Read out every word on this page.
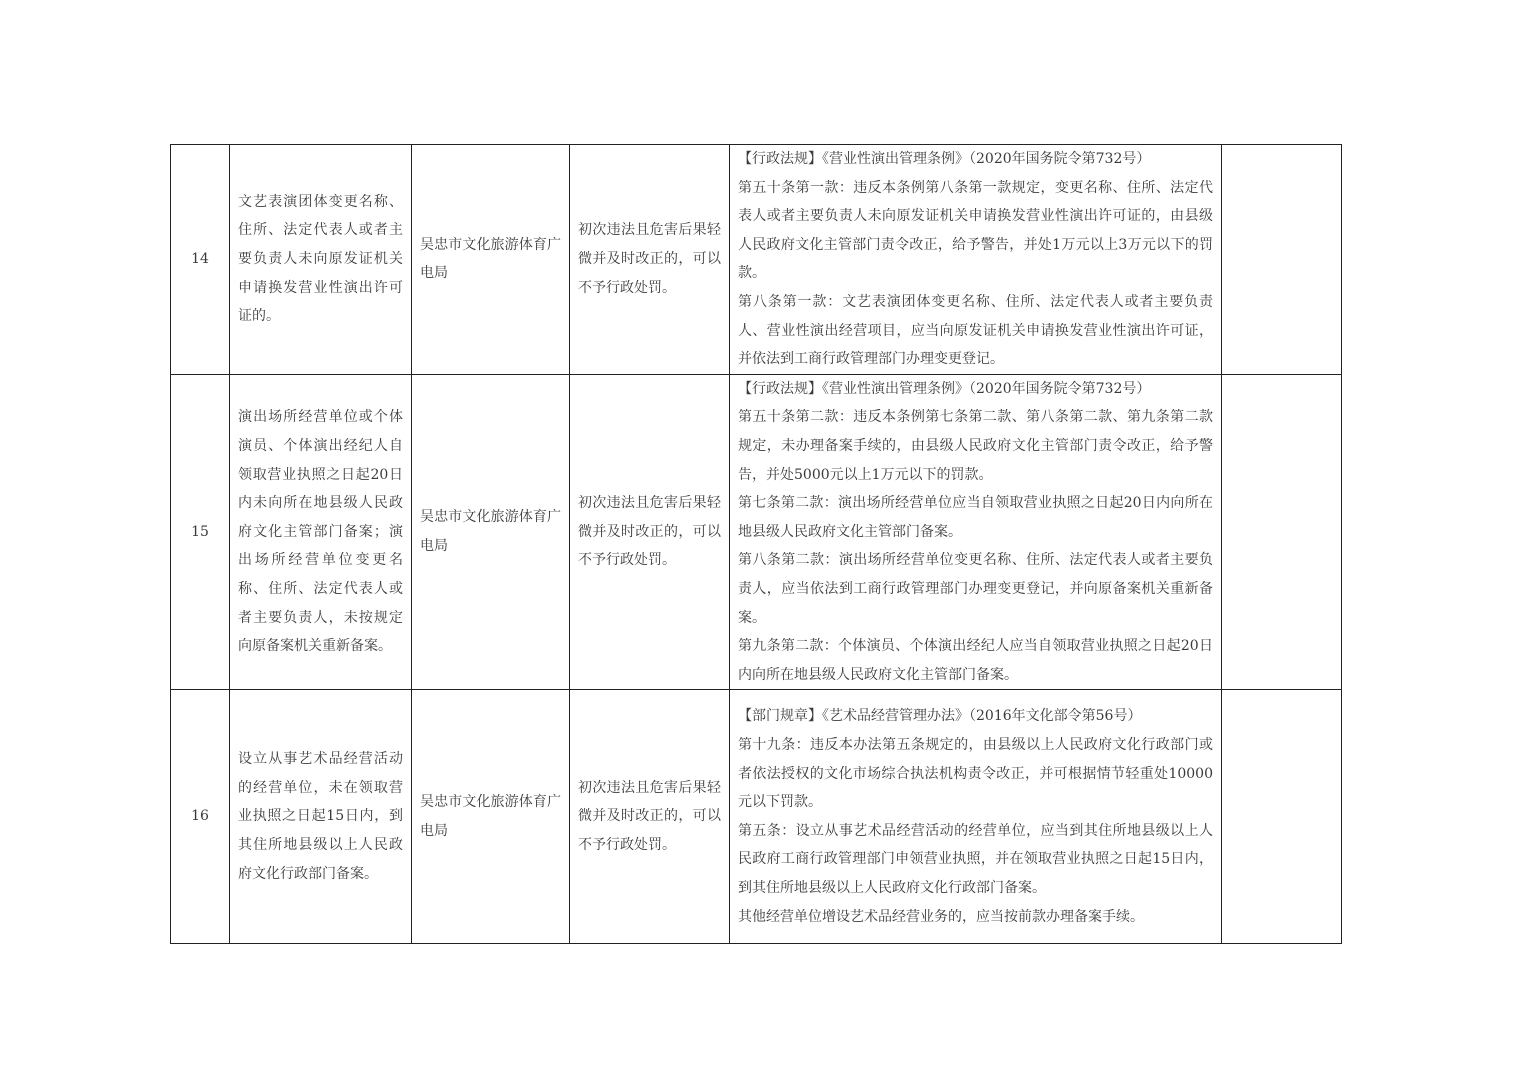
14	文艺表演团体变更名称、住所、法定代表人或者主要负责人未向原发证机关申请换发营业性演出许可证的。	吴忠市文化旅游体育广电局	初次违法且危害后果轻微并及时改正的，可以不予行政处罚。	【行政法规】《营业性演出管理条例》（2020年国务院令第732号）

第五十条第一款：违反本条例第八条第一款规定，变更名称、住所、法定代表人或者主要负责人未向原发证机关申请换发营业性演出许可证的，由县级人民政府文化主管部门责令改正，给予警告，并处1万元以上3万元以下的罚款。

第八条第一款：文艺表演团体变更名称、住所、法定代表人或者主要负责人、营业性演出经营项目，应当向原发证机关申请换发营业性演出许可证，并依法到工商行政管理部门办理变更登记。	

15	演出场所经营单位或个体演员、个体演出经纪人自领取营业执照之日起20日内未向所在地县级人民政府文化主管部门备案；演出场所经营单位变更名称、住所、法定代表人或者主要负责人，未按规定向原备案机关重新备案。	吴忠市文化旅游体育广电局	初次违法且危害后果轻微并及时改正的，可以不予行政处罚。	【行政法规】《营业性演出管理条例》（2020年国务院令第732号）

第五十条第二款：违反本条例第七条第二款、第八条第二款、第九条第二款规定，未办理备案手续的，由县级人民政府文化主管部门责令改正，给予警告，并处5000元以上1万元以下的罚款。

第七条第二款：演出场所经营单位应当自领取营业执照之日起20日内向所在地县级人民政府文化主管部门备案。

第八条第二款：演出场所经营单位变更名称、住所、法定代表人或者主要负责人，应当依法到工商行政管理部门办理变更登记，并向原备案机关重新备案。

第九条第二款：个体演员、个体演出经纪人应当自领取营业执照之日起20日内向所在地县级人民政府文化主管部门备案。	

16	设立从事艺术品经营活动的经营单位，未在领取营业执照之日起15日内，到其住所地县级以上人民政府文化行政部门备案。	吴忠市文化旅游体育广电局	初次违法且危害后果轻微并及时改正的，可以不予行政处罚。	【部门规章】《艺术品经营管理办法》（2016年文化部令第56号）

第十九条：违反本办法第五条规定的，由县级以上人民政府文化行政部门或者依法授权的文化市场综合执法机构责令改正，并可根据情节轻重处10000元以下罚款。

第五条：设立从事艺术品经营活动的经营单位，应当到其住所地县级以上人民政府工商行政管理部门申领营业执照，并在领取营业执照之日起15日内，到其住所地县级以上人民政府文化行政部门备案。

其他经营单位增设艺术品经营业务的，应当按前款办理备案手续。	
